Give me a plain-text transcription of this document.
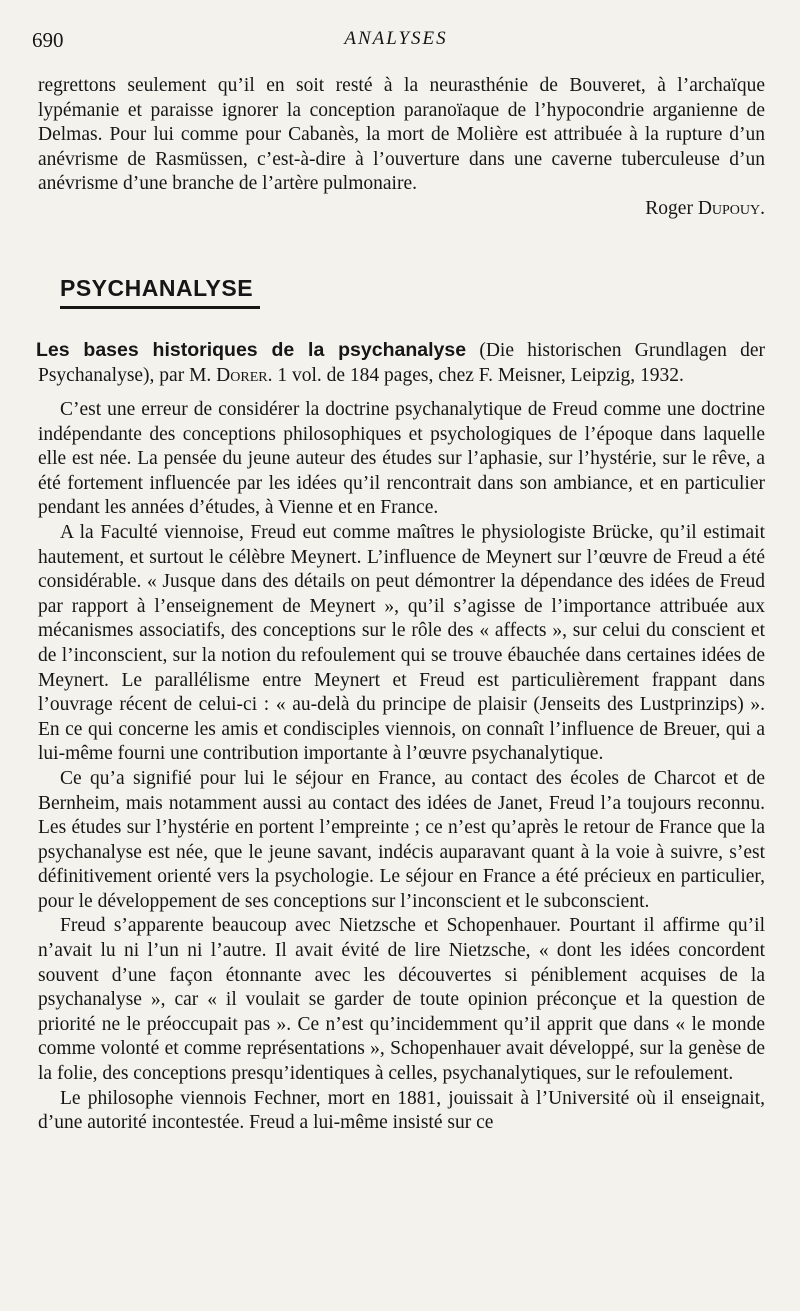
690	ANALYSES

regrettons seulement qu’il en soit resté à la neurasthénie de Bouveret, à l’archaïque lypémanie et paraisse ignorer la conception paranoïaque de l’hypocondrie arganienne de Delmas. Pour lui comme pour Cabanès, la mort de Molière est attribuée à la rupture d’un anévrisme de Rasmüssen, c’est-à-dire à l’ouverture dans une caverne tuberculeuse d’un anévrisme d’une branche de l’artère pulmonaire.

Roger Dupouy.

PSYCHANALYSE

Les bases historiques de la psychanalyse (Die historischen Grundlagen der Psychanalyse), par M. Dorer. 1 vol. de 184 pages, chez F. Meisner, Leipzig, 1932.

C’est une erreur de considérer la doctrine psychanalytique de Freud comme une doctrine indépendante des conceptions philosophiques et psychologiques de l’époque dans laquelle elle est née. La pensée du jeune auteur des études sur l’aphasie, sur l’hystérie, sur le rêve, a été fortement influencée par les idées qu’il rencontrait dans son ambiance, et en particulier pendant les années d’études, à Vienne et en France.

A la Faculté viennoise, Freud eut comme maîtres le physiologiste Brücke, qu’il estimait hautement, et surtout le célèbre Meynert. L’influence de Meynert sur l’œuvre de Freud a été considérable. « Jusque dans des détails on peut démontrer la dépendance des idées de Freud par rapport à l’enseignement de Meynert », qu’il s’agisse de l’importance attribuée aux mécanismes associatifs, des conceptions sur le rôle des « affects », sur celui du conscient et de l’inconscient, sur la notion du refoulement qui se trouve ébauchée dans certaines idées de Meynert. Le parallélisme entre Meynert et Freud est particulièrement frappant dans l’ouvrage récent de celui-ci : « au-delà du principe de plaisir (Jenseits des Lustprinzips) ». En ce qui concerne les amis et condisciples viennois, on connaît l’influence de Breuer, qui a lui-même fourni une contribution importante à l’œuvre psychanalytique.

Ce qu’a signifié pour lui le séjour en France, au contact des écoles de Charcot et de Bernheim, mais notamment aussi au contact des idées de Janet, Freud l’a toujours reconnu. Les études sur l’hystérie en portent l’empreinte ; ce n’est qu’après le retour de France que la psychanalyse est née, que le jeune savant, indécis auparavant quant à la voie à suivre, s’est définitivement orienté vers la psychologie. Le séjour en France a été précieux en particulier, pour le développement de ses conceptions sur l’inconscient et le subconscient.

Freud s’apparente beaucoup avec Nietzsche et Schopenhauer. Pourtant il affirme qu’il n’avait lu ni l’un ni l’autre. Il avait évité de lire Nietzsche, « dont les idées concordent souvent d’une façon étonnante avec les découvertes si péniblement acquises de la psychanalyse », car « il voulait se garder de toute opinion préconçue et la question de priorité ne le préoccupait pas ». Ce n’est qu’incidemment qu’il apprit que dans « le monde comme volonté et comme représentations », Schopenhauer avait développé, sur la genèse de la folie, des conceptions presqu’identiques à celles, psychanalytiques, sur le refoulement.

Le philosophe viennois Fechner, mort en 1881, jouissait à l’Université où il enseignait, d’une autorité incontestée. Freud a lui-même insisté sur ce
